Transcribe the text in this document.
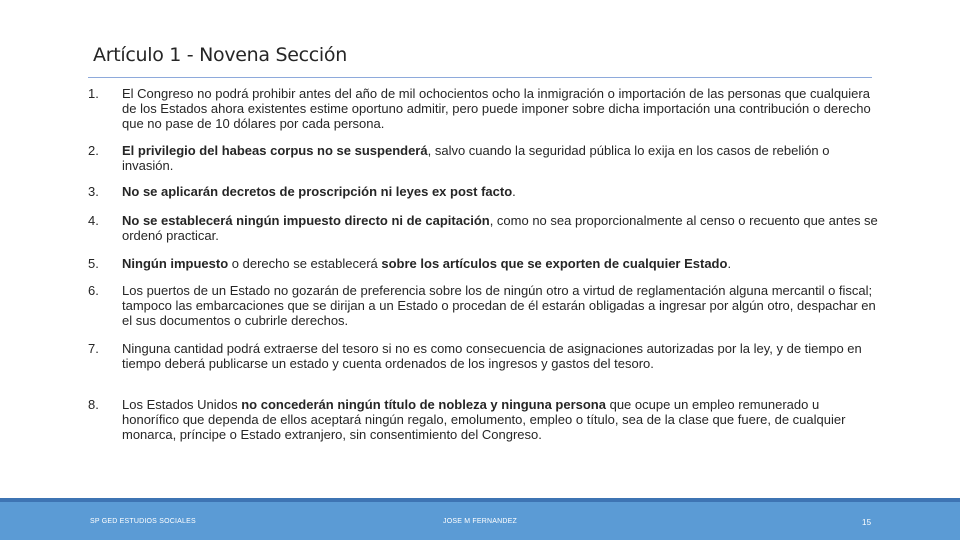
Artículo 1 - Novena Sección
1. El Congreso no podrá prohibir antes del año de mil ochocientos ocho la inmigración o importación de las personas que cualquiera de los Estados ahora existentes estime oportuno admitir, pero puede imponer sobre dicha importación una contribución o derecho que no pase de 10 dólares por cada persona.
2. El privilegio del habeas corpus no se suspenderá, salvo cuando la seguridad pública lo exija en los casos de rebelión o invasión.
3. No se aplicarán decretos de proscripción ni leyes ex post facto.
4. No se establecerá ningún impuesto directo ni de capitación, como no sea proporcionalmente al censo o recuento que antes se ordenó practicar.
5. Ningún impuesto o derecho se establecerá sobre los artículos que se exporten de cualquier Estado.
6. Los puertos de un Estado no gozarán de preferencia sobre los de ningún otro a virtud de reglamentación alguna mercantil o fiscal; tampoco las embarcaciones que se dirijan a un Estado o procedan de él estarán obligadas a ingresar por algún otro, despachar en el sus documentos o cubrirle derechos.
7. Ninguna cantidad podrá extraerse del tesoro si no es como consecuencia de asignaciones autorizadas por la ley, y de tiempo en tiempo deberá publicarse un estado y cuenta ordenados de los ingresos y gastos del tesoro.
8. Los Estados Unidos no concederán ningún título de nobleza y ninguna persona que ocupe un empleo remunerado u honorífico que dependa de ellos aceptará ningún regalo, emolumento, empleo o título, sea de la clase que fuere, de cualquier monarca, príncipe o Estado extranjero, sin consentimiento del Congreso.
SP GED ESTUDIOS SOCIALES	JOSE M FERNANDEZ	15
